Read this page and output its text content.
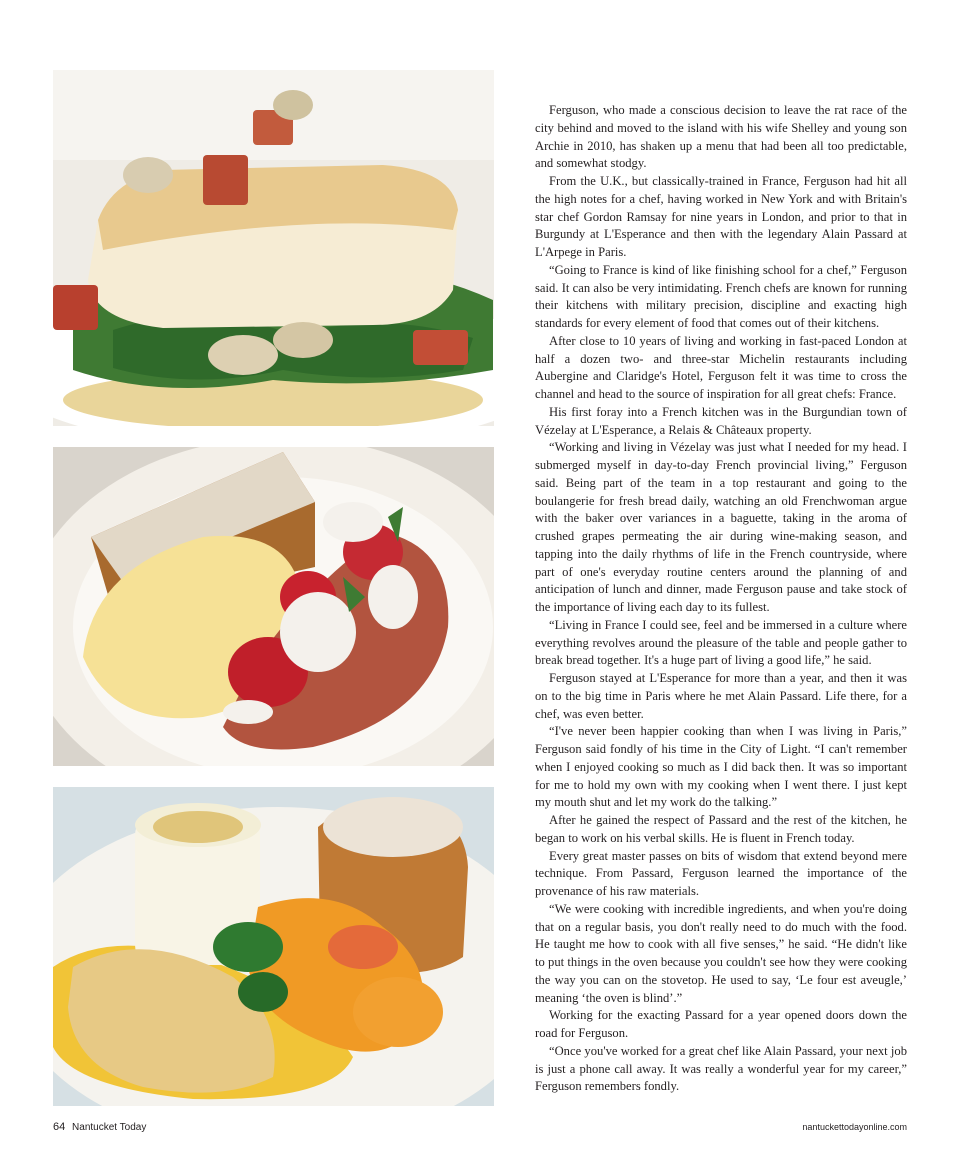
Ferguson, who made a conscious decision to leave the rat race of the city behind and moved to the island with his wife Shelley and young son Archie in 2010, has shaken up a menu that had been all too predictable, and somewhat stodgy.

From the U.K., but classically-trained in France, Ferguson had hit all the high notes for a chef, having worked in New York and with Britain's star chef Gordon Ramsay for nine years in London, and prior to that in Burgundy at L'Esperance and then with the legendary Alain Passard at L'Arpege in Paris.

“Going to France is kind of like finishing school for a chef,” Ferguson said. It can also be very intimidating. French chefs are known for running their kitchens with military precision, discipline and exacting high standards for every element of food that comes out of their kitchens.

After close to 10 years of living and working in fast-paced London at half a dozen two- and three-star Michelin restaurants including Aubergine and Claridge's Hotel, Ferguson felt it was time to cross the channel and head to the source of inspiration for all great chefs: France.

His first foray into a French kitchen was in the Burgundian town of Vézelay at L'Esperance, a Relais & Châteaux property.

“Working and living in Vézelay was just what I needed for my head. I submerged myself in day-to-day French provincial living,” Ferguson said. Being part of the team in a top restaurant and going to the boulangerie for fresh bread daily, watching an old Frenchwoman argue with the baker over variances in a baguette, taking in the aroma of crushed grapes permeating the air during wine-making season, and tapping into the daily rhythms of life in the French countryside, where part of one's everyday routine centers around the planning of and anticipation of lunch and dinner, made Ferguson pause and take stock of the importance of living each day to its fullest.

“Living in France I could see, feel and be immersed in a culture where everything revolves around the pleasure of the table and people gather to break bread together. It's a huge part of living a good life,” he said.

Ferguson stayed at L'Esperance for more than a year, and then it was on to the big time in Paris where he met Alain Passard. Life there, for a chef, was even better.

“I've never been happier cooking than when I was living in Paris,” Ferguson said fondly of his time in the City of Light. “I can't remember when I enjoyed cooking so much as I did back then. It was so important for me to hold my own with my cooking when I went there. I just kept my mouth shut and let my work do the talking.”

After he gained the respect of Passard and the rest of the kitchen, he began to work on his verbal skills. He is fluent in French today.

Every great master passes on bits of wisdom that extend beyond mere technique. From Passard, Ferguson learned the importance of the provenance of his raw materials.

“We were cooking with incredible ingredients, and when you're doing that on a regular basis, you don't really need to do much with the food. He taught me how to cook with all five senses,” he said. “He didn't like to put things in the oven because you couldn't see how they were cooking the way you can on the stovetop. He used to say, ‘Le four est aveugle,’ meaning ‘the oven is blind’.”

Working for the exacting Passard for a year opened doors down the road for Ferguson.

“Once you've worked for a great chef like Alain Passard, your next job is just a phone call away. It was really a wonderful year for my career,” Ferguson remembers fondly.

64 Nantucket Today	nantuckettodayonline.com
